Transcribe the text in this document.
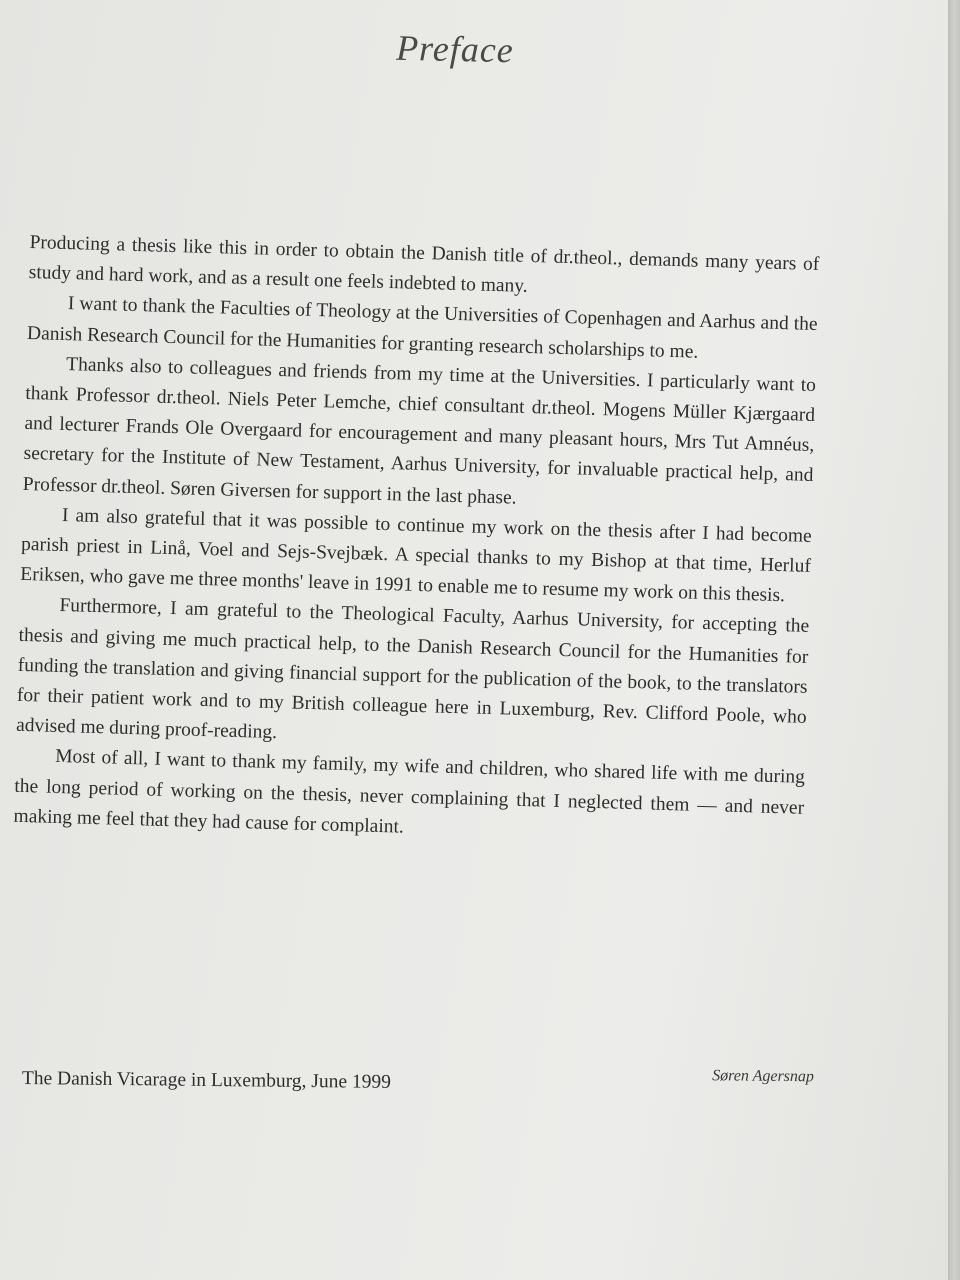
Preface

Producing a thesis like this in order to obtain the Danish title of dr.theol., demands many years of study and hard work, and as a result one feels indebted to many.

I want to thank the Faculties of Theology at the Universities of Copenhagen and Aarhus and the Danish Research Council for the Humanities for granting research scholarships to me.

Thanks also to colleagues and friends from my time at the Universities. I particularly want to thank Professor dr.theol. Niels Peter Lemche, chief consultant dr.theol. Mogens Müller Kjærgaard and lecturer Frands Ole Overgaard for encouragement and many pleasant hours, Mrs Tut Amnéus, secretary for the Institute of New Testament, Aarhus University, for invaluable practical help, and Professor dr.theol. Søren Giversen for support in the last phase.

I am also grateful that it was possible to continue my work on the thesis after I had become parish priest in Linå, Voel and Sejs-Svejbæk. A special thanks to my Bishop at that time, Herluf Eriksen, who gave me three months' leave in 1991 to enable me to resume my work on this thesis.

Furthermore, I am grateful to the Theological Faculty, Aarhus University, for accepting the thesis and giving me much practical help, to the Danish Research Council for the Humanities for funding the translation and giving financial support for the publication of the book, to the translators for their patient work and to my British colleague here in Luxemburg, Rev. Clifford Poole, who advised me during proof-reading.

Most of all, I want to thank my family, my wife and children, who shared life with me during the long period of working on the thesis, never complaining that I neglected them — and never making me feel that they had cause for complaint.

The Danish Vicarage in Luxemburg, June 1999	Søren Agersnap
